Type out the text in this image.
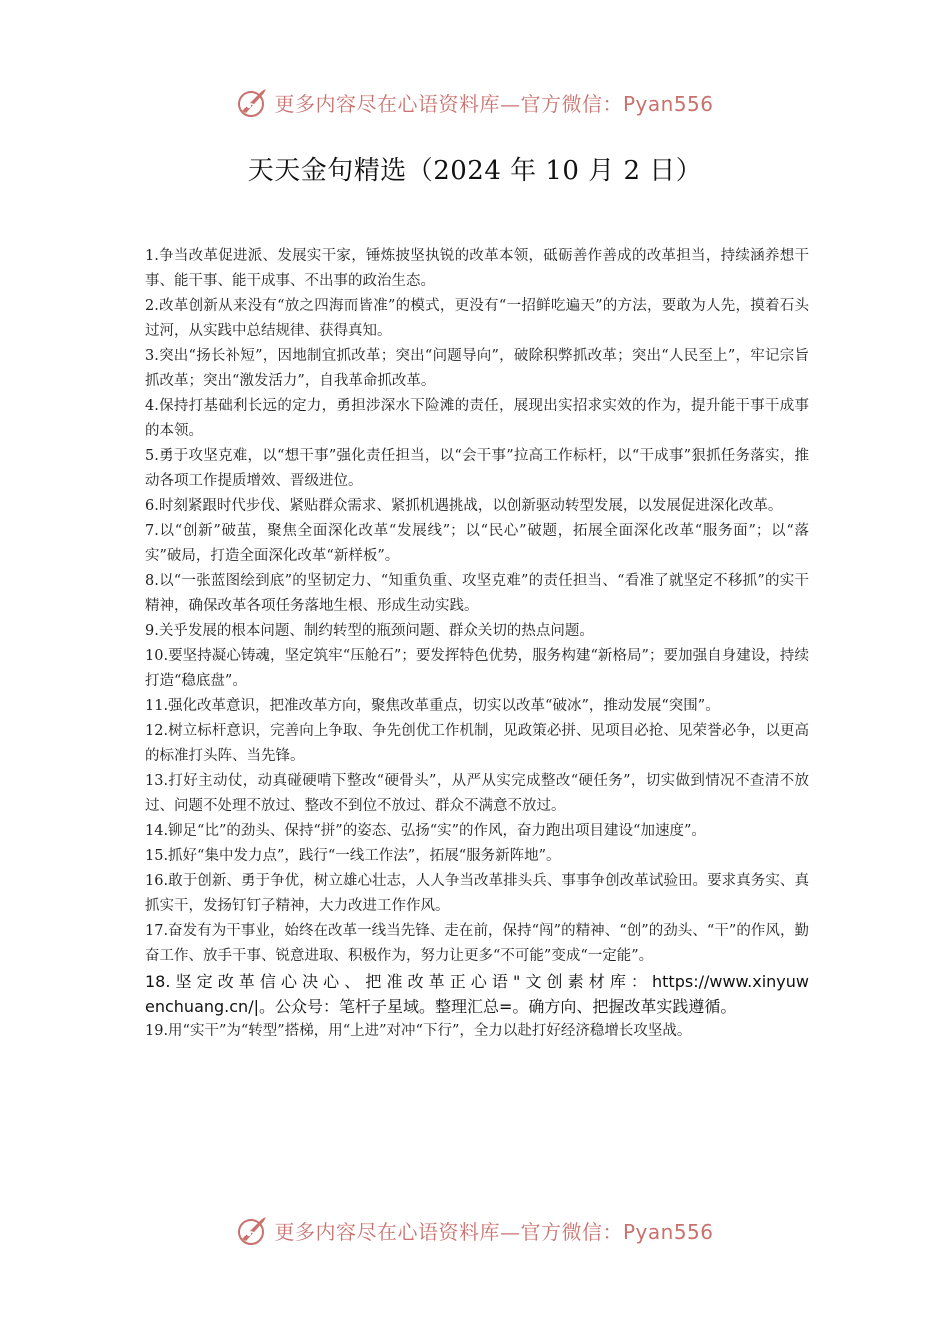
更多内容尽在心语资料库—官方微信：Pyan556
天天金句精选（2024 年 10 月 2 日）

1.争当改革促进派、发展实干家，锤炼披坚执锐的改革本领，砥砺善作善成的改革担当，持续涵养想干事、能干事、能干成事、不出事的政治生态。

2.改革创新从来没有“放之四海而皆准”的模式，更没有“一招鲜吃遍天”的方法，要敢为人先，摸着石头过河，从实践中总结规律、获得真知。

3.突出“扬长补短”，因地制宜抓改革；突出“问题导向”，破除积弊抓改革；突出“人民至上”，牢记宗旨抓改革；突出“激发活力”，自我革命抓改革。

4.保持打基础利长远的定力，勇担涉深水下险滩的责任，展现出实招求实效的作为，提升能干事干成事的本领。

5.勇于攻坚克难，以“想干事”强化责任担当，以“会干事”拉高工作标杆，以“干成事”狠抓任务落实，推动各项工作提质增效、晋级进位。

6.时刻紧跟时代步伐、紧贴群众需求、紧抓机遇挑战，以创新驱动转型发展，以发展促进深化改革。

7.以“创新”破茧，聚焦全面深化改革“发展线”；以“民心”破题，拓展全面深化改革“服务面”；以“落实”破局，打造全面深化改革“新样板”。

8.以“一张蓝图绘到底”的坚韧定力、“知重负重、攻坚克难”的责任担当、“看准了就坚定不移抓”的实干精神，确保改革各项任务落地生根、形成生动实践。

9.关乎发展的根本问题、制约转型的瓶颈问题、群众关切的热点问题。

10.要坚持凝心铸魂，坚定筑牢“压舱石”；要发挥特色优势，服务构建“新格局”；要加强自身建设，持续打造“稳底盘”。

11.强化改革意识，把准改革方向，聚焦改革重点，切实以改革“破冰”，推动发展“突围”。

12.树立标杆意识，完善向上争取、争先创优工作机制，见政策必拼、见项目必抢、见荣誉必争，以更高的标准打头阵、当先锋。

13.打好主动仗，动真碰硬啃下整改“硬骨头”，从严从实完成整改“硬任务”，切实做到情况不查清不放过、问题不处理不放过、整改不到位不放过、群众不满意不放过。

14.铆足“比”的劲头、保持“拼”的姿态、弘扬“实”的作风，奋力跑出项目建设“加速度”。

15.抓好“集中发力点”，践行“一线工作法”，拓展“服务新阵地”。

16.敢于创新、勇于争优，树立雄心壮志，人人争当改革排头兵、事事争创改革试验田。要求真务实、真抓实干，发扬钉钉子精神，大力改进工作作风。

17.奋发有为干事业，始终在改革一线当先锋、走在前，保持“闯”的精神、“创”的劲头、“干”的作风，勤奋工作、放手干事、锐意进取、积极作为，努力让更多“不可能”变成“一定能”。

18. 坚 定 改 革 信 心 决 心 、 把 准 改 革 正 心 语 " 文 创 素 材 库 ： https://www.xinyuwenchuang.cn/|。公众号：笔杆子星域。整理汇总=。确方向、把握改革实践遵循。

19.用“实干”为“转型”搭梯，用“上进”对冲“下行”，全力以赴打好经济稳增长攻坚战。

更多内容尽在心语资料库—官方微信：Pyan556
